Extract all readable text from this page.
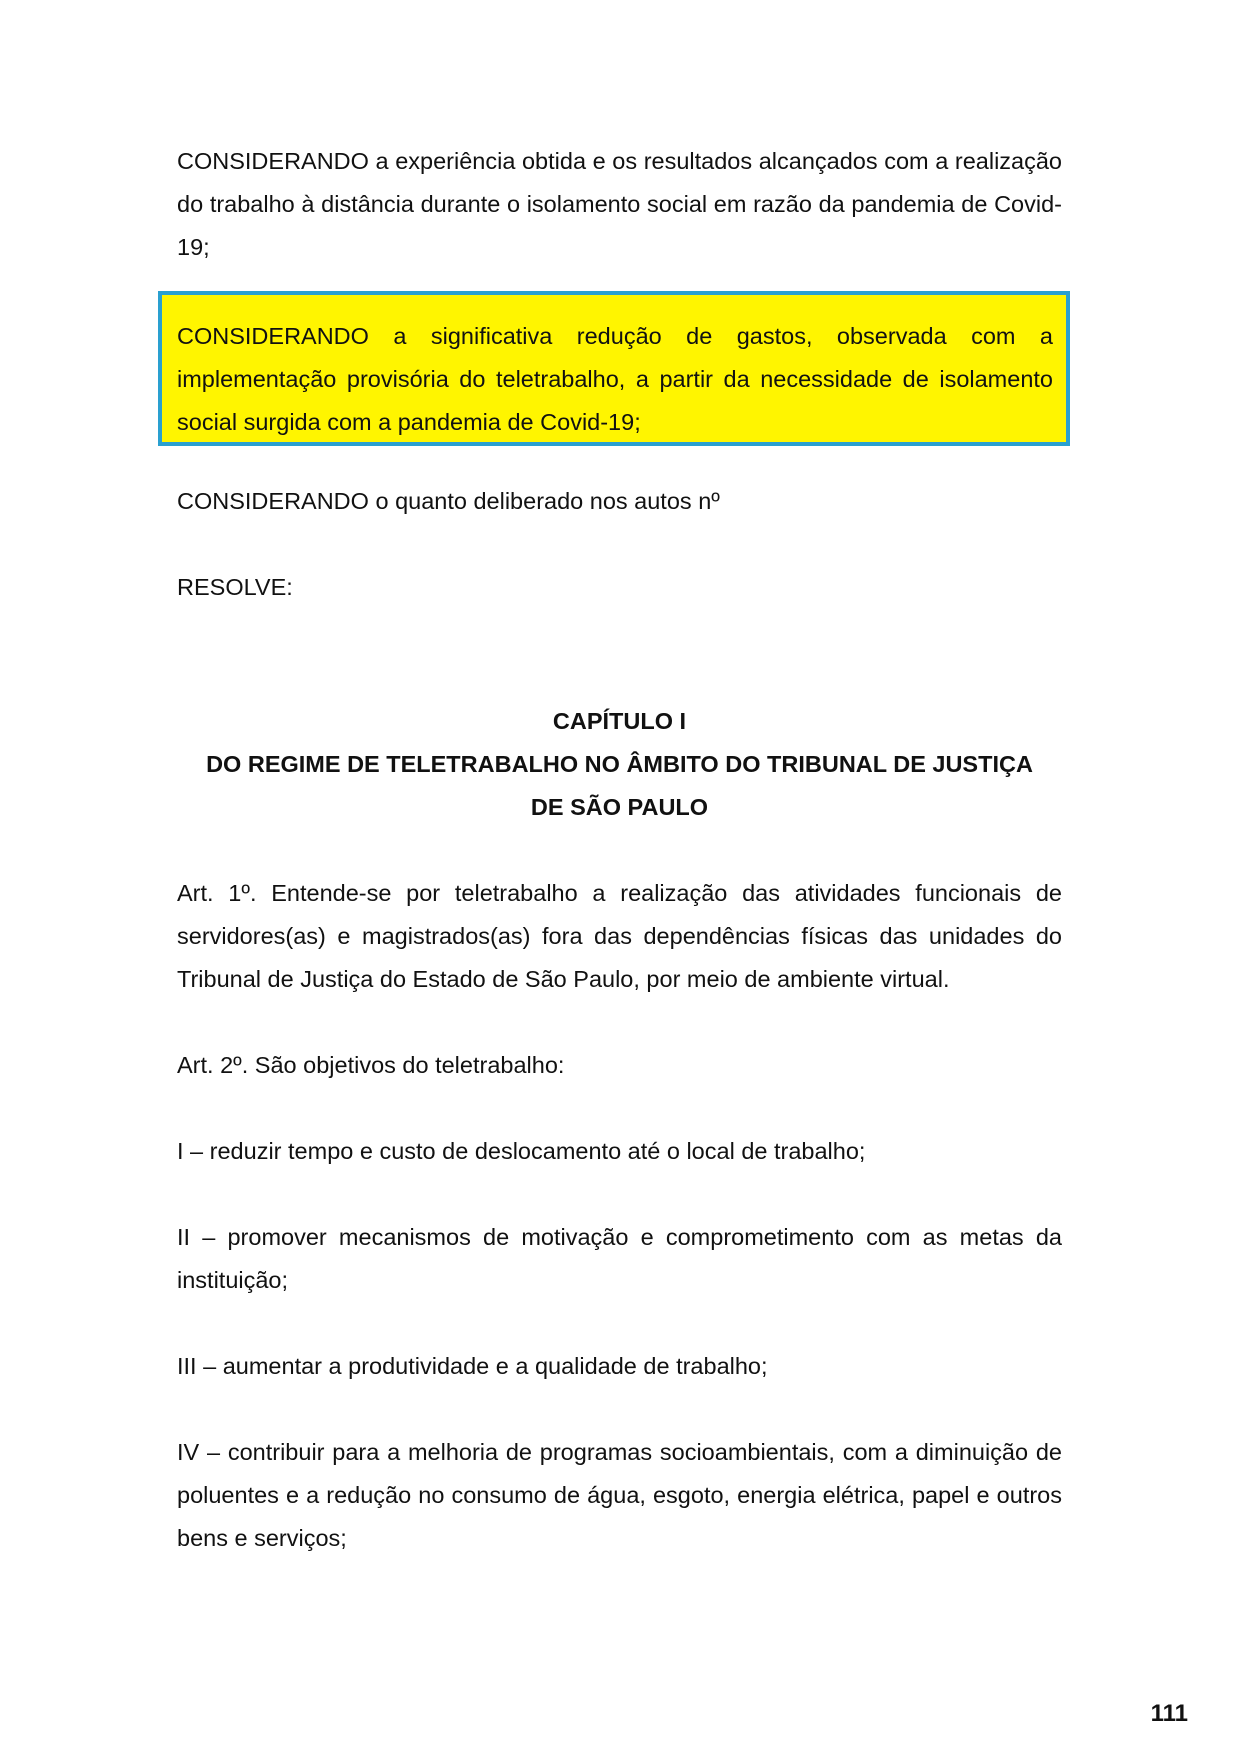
CONSIDERANDO a experiência obtida e os resultados alcançados com a realização do trabalho à distância durante o isolamento social em razão da pandemia de Covid-19;

CONSIDERANDO a significativa redução de gastos, observada com a implementação provisória do teletrabalho, a partir da necessidade de isolamento social surgida com a pandemia de Covid-19;

CONSIDERANDO o quanto deliberado nos autos nº

RESOLVE:

CAPÍTULO I

DO REGIME DE TELETRABALHO NO ÂMBITO DO TRIBUNAL DE JUSTIÇA

DE SÃO PAULO

Art. 1º. Entende-se por teletrabalho a realização das atividades funcionais de servidores(as) e magistrados(as) fora das dependências físicas das unidades do Tribunal de Justiça do Estado de São Paulo, por meio de ambiente virtual.

Art. 2º. São objetivos do teletrabalho:

I – reduzir tempo e custo de deslocamento até o local de trabalho;

II – promover mecanismos de motivação e comprometimento com as metas da instituição;

III – aumentar a produtividade e a qualidade de trabalho;

IV – contribuir para a melhoria de programas socioambientais, com a diminuição de poluentes e a redução no consumo de água, esgoto, energia elétrica, papel e outros bens e serviços;

111
